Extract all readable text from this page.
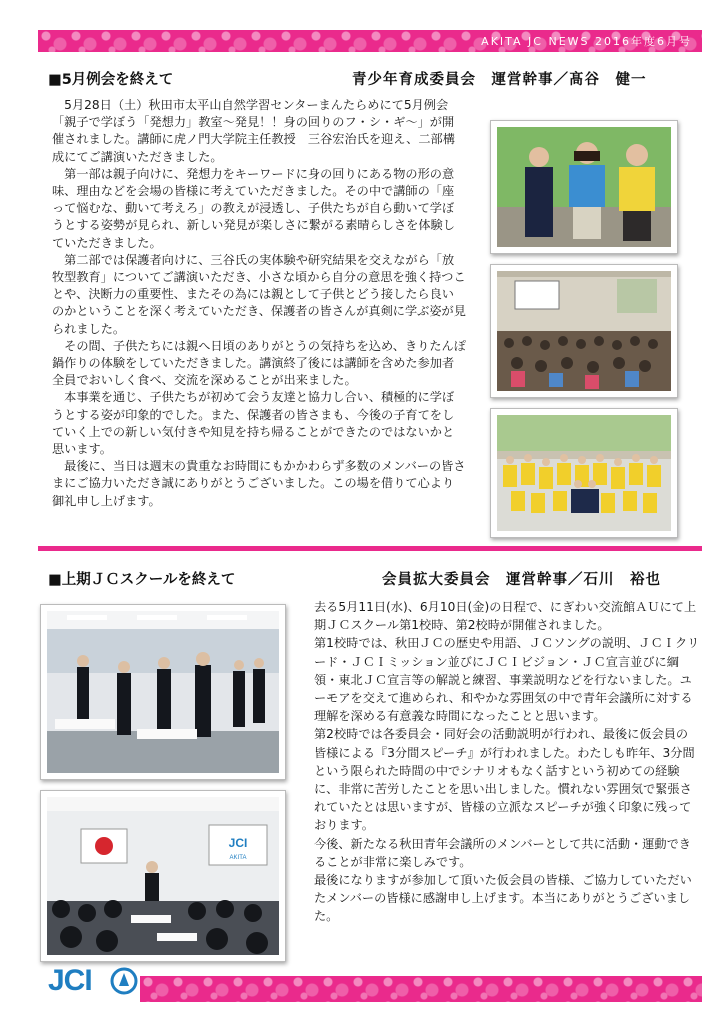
AKITA JC NEWS 2016年度6月号
■5月例会を終えて	青少年育成委員会　運営幹事／髙谷　健一

　5月28日（土）秋田市太平山自然学習センターまんたらめにて5月例会「親子で学ぼう「発想力」教室～発見！！身の回りのフ・シ・ギ～」が開催されました。講師に虎ノ門大学院主任教授　三谷宏治氏を迎え、二部構成にてご講演いただきました。

　第一部は親子向けに、発想力をキーワードに身の回りにある物の形の意味、理由などを会場の皆様に考えていただきました。その中で講師の「座って悩むな、動いて考えろ」の教えが浸透し、子供たちが自ら動いて学ぼうとする姿勢が見られ、新しい発見が楽しさに繋がる素晴らしさを体験していただきました。

　第二部では保護者向けに、三谷氏の実体験や研究結果を交えながら「放牧型教育」についてご講演いただき、小さな頃から自分の意思を強く持つことや、決断力の重要性、またその為には親として子供とどう接したら良いのかということを深く考えていただき、保護者の皆さんが真剣に学ぶ姿が見られました。

　その間、子供たちには親へ日頃のありがとうの気持ちを込め、きりたんぽ鍋作りの体験をしていただきました。講演終了後には講師を含めた参加者全員でおいしく食べ、交流を深めることが出来ました。

　本事業を通じ、子供たちが初めて会う友達と協力し合い、積極的に学ぼうとする姿が印象的でした。また、保護者の皆さまも、今後の子育てをしていく上での新しい気付きや知見を持ち帰ることができたのではないかと思います。

　最後に、当日は週末の貴重なお時間にもかかわらず多数のメンバーの皆さまにご協力いただき誠にありがとうございました。この場を借りて心より御礼申し上げます。

■上期ＪＣスクールを終えて	会員拡大委員会　運営幹事／石川　裕也
JCI
AKITA

去る5月11日(水)、6月10日(金)の日程で、にぎわい交流館ＡＵにて上期ＪＣスクール第1校時、第2校時が開催されました。

第1校時では、秋田ＪＣの歴史や用語、ＪＣソングの説明、ＪＣＩクリード・ＪＣＩミッション並びにＪＣＩビジョン・ＪＣ宣言並びに綱領・東北ＪＣ宣言等の解説と練習、事業説明などを行ないました。ユーモアを交えて進められ、和やかな雰囲気の中で青年会議所に対する理解を深める有意義な時間になったことと思います。

第2校時では各委員会・同好会の活動説明が行われ、最後に仮会員の皆様による『3分間スピーチ』が行われました。わたしも昨年、3分間という限られた時間の中でシナリオもなく話すという初めての経験に、非常に苦労したことを思い出しました。慣れない雰囲気で緊張されていたとは思いますが、皆様の立派なスピーチが強く印象に残っております。

今後、新たなる秋田青年会議所のメンバーとして共に活動・運動できることが非常に楽しみです。

最後になりますが参加して頂いた仮会員の皆様、ご協力していただいたメンバーの皆様に感謝申し上げます。本当にありがとうございました。

JCI
